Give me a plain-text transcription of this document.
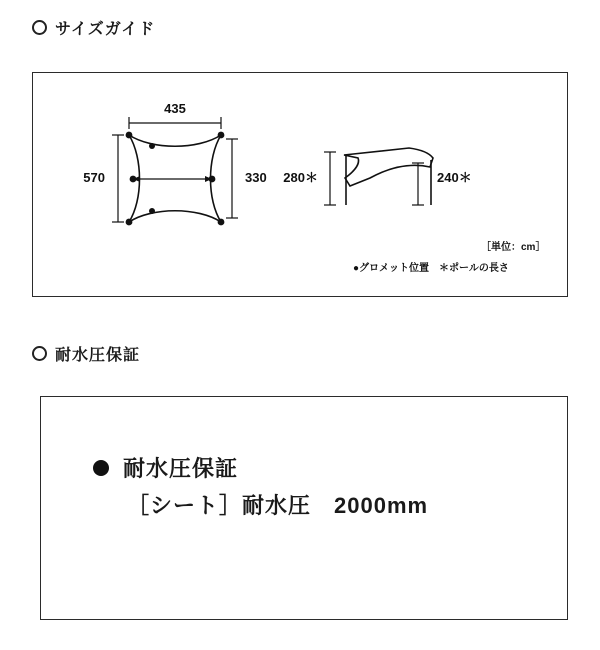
サイズガイド
435
570	330 280＊	240＊
［単位：cm］
●グロメット位置　＊ポールの長さ
耐水圧保証
耐水圧保証
［シート］耐水圧　2000mm
